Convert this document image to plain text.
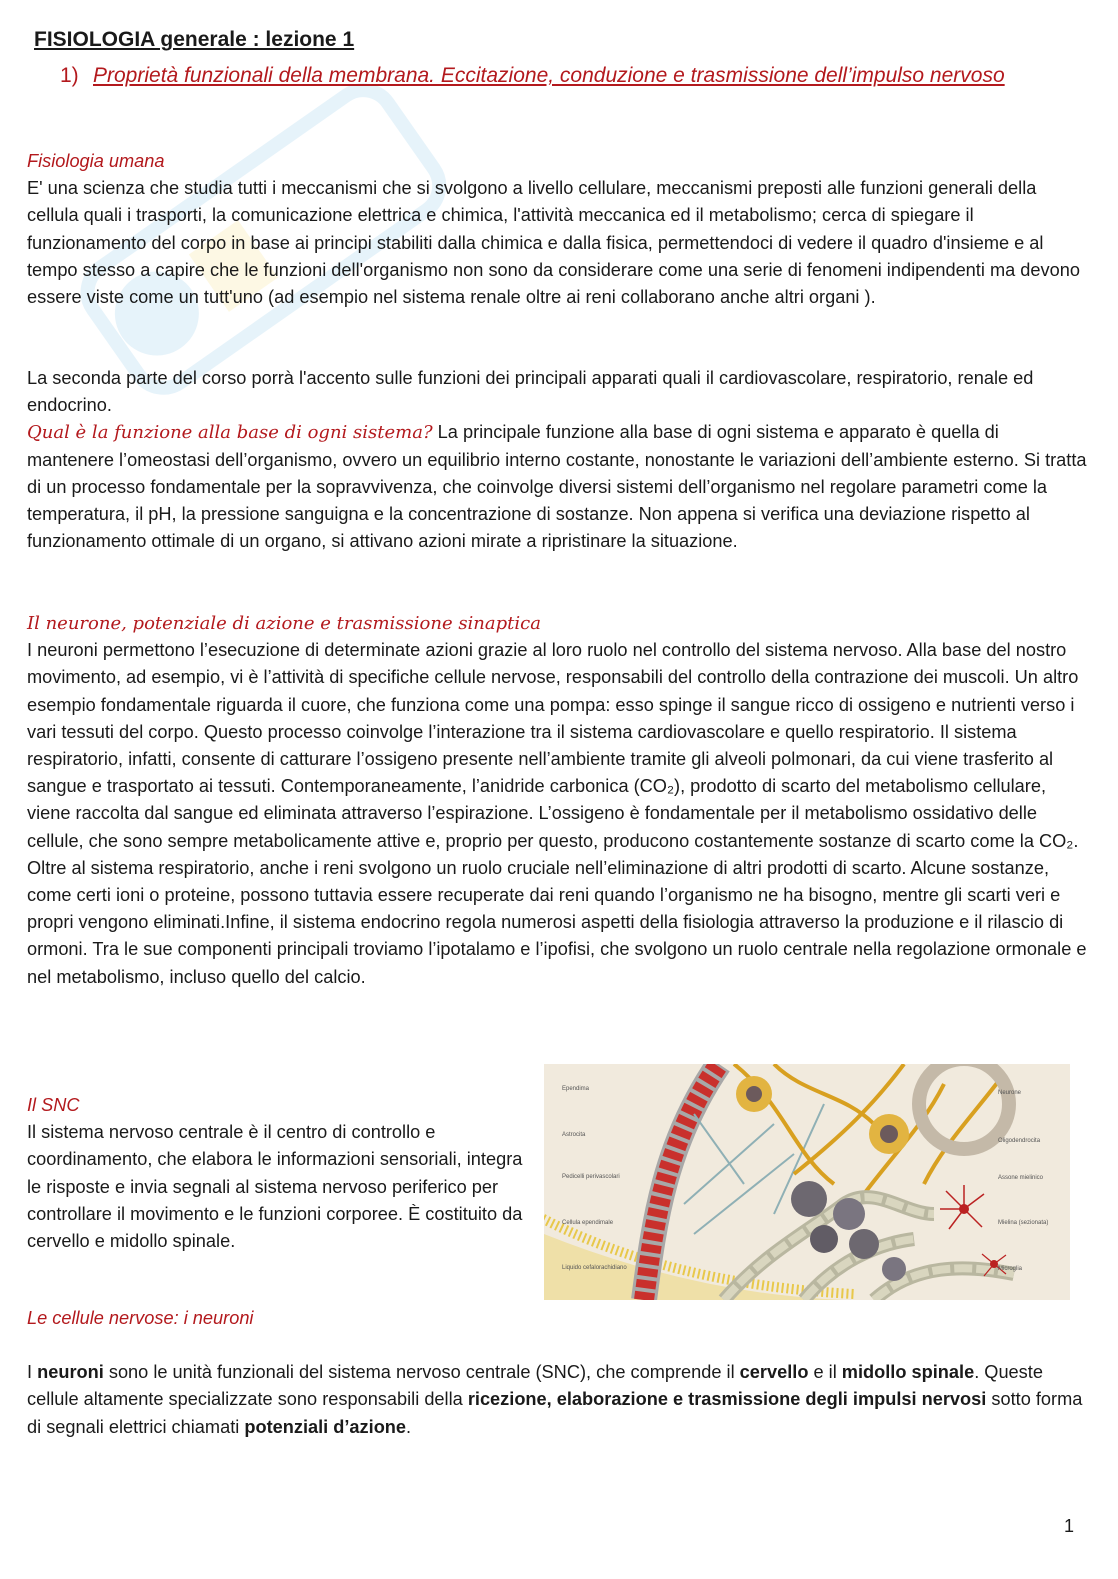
FISIOLOGIA generale : lezione 1
1) Proprietà funzionali della membrana. Eccitazione, conduzione e trasmissione dell’impulso nervoso

Fisiologia umana

E' una scienza che studia tutti i meccanismi che si svolgono a livello cellulare, meccanismi preposti alle funzioni generali della cellula quali i trasporti, la comunicazione elettrica e chimica, l'attività meccanica ed il metabolismo; cerca di spiegare il funzionamento del corpo in base ai principi stabiliti dalla chimica e dalla fisica, permettendoci di vedere il quadro d'insieme e al tempo stesso a capire che le funzioni dell'organismo non sono da considerare come una serie di fenomeni indipendenti ma devono essere viste come un tutt'uno (ad esempio nel sistema renale oltre ai reni collaborano anche altri organi ).

La seconda parte del corso porrà l'accento sulle funzioni dei principali apparati quali il cardiovascolare, respiratorio, renale ed endocrino.

Qual è la funzione alla base di ogni sistema? La principale funzione alla base di ogni sistema e apparato è quella di mantenere l’omeostasi dell’organismo, ovvero un equilibrio interno costante, nonostante le variazioni dell’ambiente esterno. Si tratta di un processo fondamentale per la sopravvivenza, che coinvolge diversi sistemi dell’organismo nel regolare parametri come la temperatura, il pH, la pressione sanguigna e la concentrazione di sostanze. Non appena si verifica una deviazione rispetto al funzionamento ottimale di un organo, si attivano azioni mirate a ripristinare la situazione.

Il neurone, potenziale di azione e trasmissione sinaptica

I neuroni permettono l’esecuzione di determinate azioni grazie al loro ruolo nel controllo del sistema nervoso. Alla base del nostro movimento, ad esempio, vi è l’attività di specifiche cellule nervose, responsabili del controllo della contrazione dei muscoli. Un altro esempio fondamentale riguarda il cuore, che funziona come una pompa: esso spinge il sangue ricco di ossigeno e nutrienti verso i vari tessuti del corpo. Questo processo coinvolge l’interazione tra il sistema cardiovascolare e quello respiratorio. Il sistema respiratorio, infatti, consente di catturare l’ossigeno presente nell’ambiente tramite gli alveoli polmonari, da cui viene trasferito al sangue e trasportato ai tessuti. Contemporaneamente, l’anidride carbonica (CO₂), prodotto di scarto del metabolismo cellulare, viene raccolta dal sangue ed eliminata attraverso l’espirazione. L’ossigeno è fondamentale per il metabolismo ossidativo delle cellule, che sono sempre metabolicamente attive e, proprio per questo, producono costantemente sostanze di scarto come la CO₂. Oltre al sistema respiratorio, anche i reni svolgono un ruolo cruciale nell’eliminazione di altri prodotti di scarto. Alcune sostanze, come certi ioni o proteine, possono tuttavia essere recuperate dai reni quando l’organismo ne ha bisogno, mentre gli scarti veri e propri vengono eliminati.Infine, il sistema endocrino regola numerosi aspetti della fisiologia attraverso la produzione e il rilascio di ormoni. Tra le sue componenti principali troviamo l’ipotalamo e l’ipofisi, che svolgono un ruolo centrale nella regolazione ormonale e nel metabolismo, incluso quello del calcio.

Il SNC

Il sistema nervoso centrale è il centro di controllo e coordinamento, che elabora le informazioni sensoriali, integra le risposte e invia segnali al sistema nervoso periferico per controllare il movimento e le funzioni corporee. È costituito da cervello e midollo spinale.

Ependima
Astrocita
Pedicelli perivascolari
Cellula ependimale
Liquido cefalorachidiano
Neurone
Oligodendrocita
Assone mielinico
Mielina (sezionata)
Microglia

Le cellule nervose: i neuroni

I neuroni sono le unità funzionali del sistema nervoso centrale (SNC), che comprende il cervello e il midollo spinale. Queste cellule altamente specializzate sono responsabili della ricezione, elaborazione e trasmissione degli impulsi nervosi sotto forma di segnali elettrici chiamati potenziali d’azione.

1
